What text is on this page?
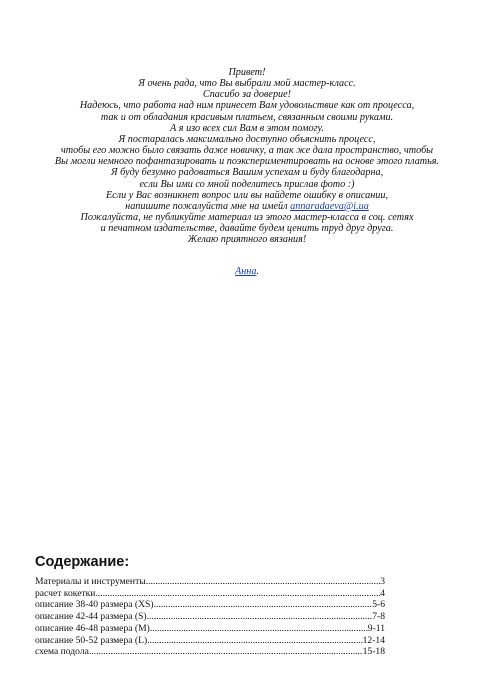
Привет!
Я очень рада, что Вы выбрали мой мастер-класс.
Спасибо за доверие!
Надеюсь, что работа над ним принесет Вам удовольствие как от процесса,
так и от обладания красивым платьем, связанным своими руками.
А я изо всех сил Вам в этом помогу.
Я постаралась максимально доступно объяснить процесс,
чтобы его можно было связать даже новичку, а так же дала пространство, чтобы
Вы могли немного пофантазировать и поэкспериментировать на основе этого платья.
Я буду безумно радоваться Вашим успехам и буду благодарна,
если Вы ими со мной поделитесь прислав фото :)
Если у Вас возникнет вопрос или вы найдете ошибку в описании,
напишите пожалуйста мне на имейл annaradaeva@i.ua
Пожалуйста, не публикуйте материал из этого мастер-класса в соц. сетях
и печатном издательстве, давайте будем ценить труд друг друга.
Желаю приятного вязания!
Анна.
Содержание:
Материалы и инструменты .....	3
расчет кокетки .....	4
описание 38-40 размера (XS) .....	5-6
описание 42-44 размера (S) .....	7-8
описание 46-48 размера (M) .....	9-11
описание 50-52 размера (L) .....	12-14
схема подола .....	15-18
